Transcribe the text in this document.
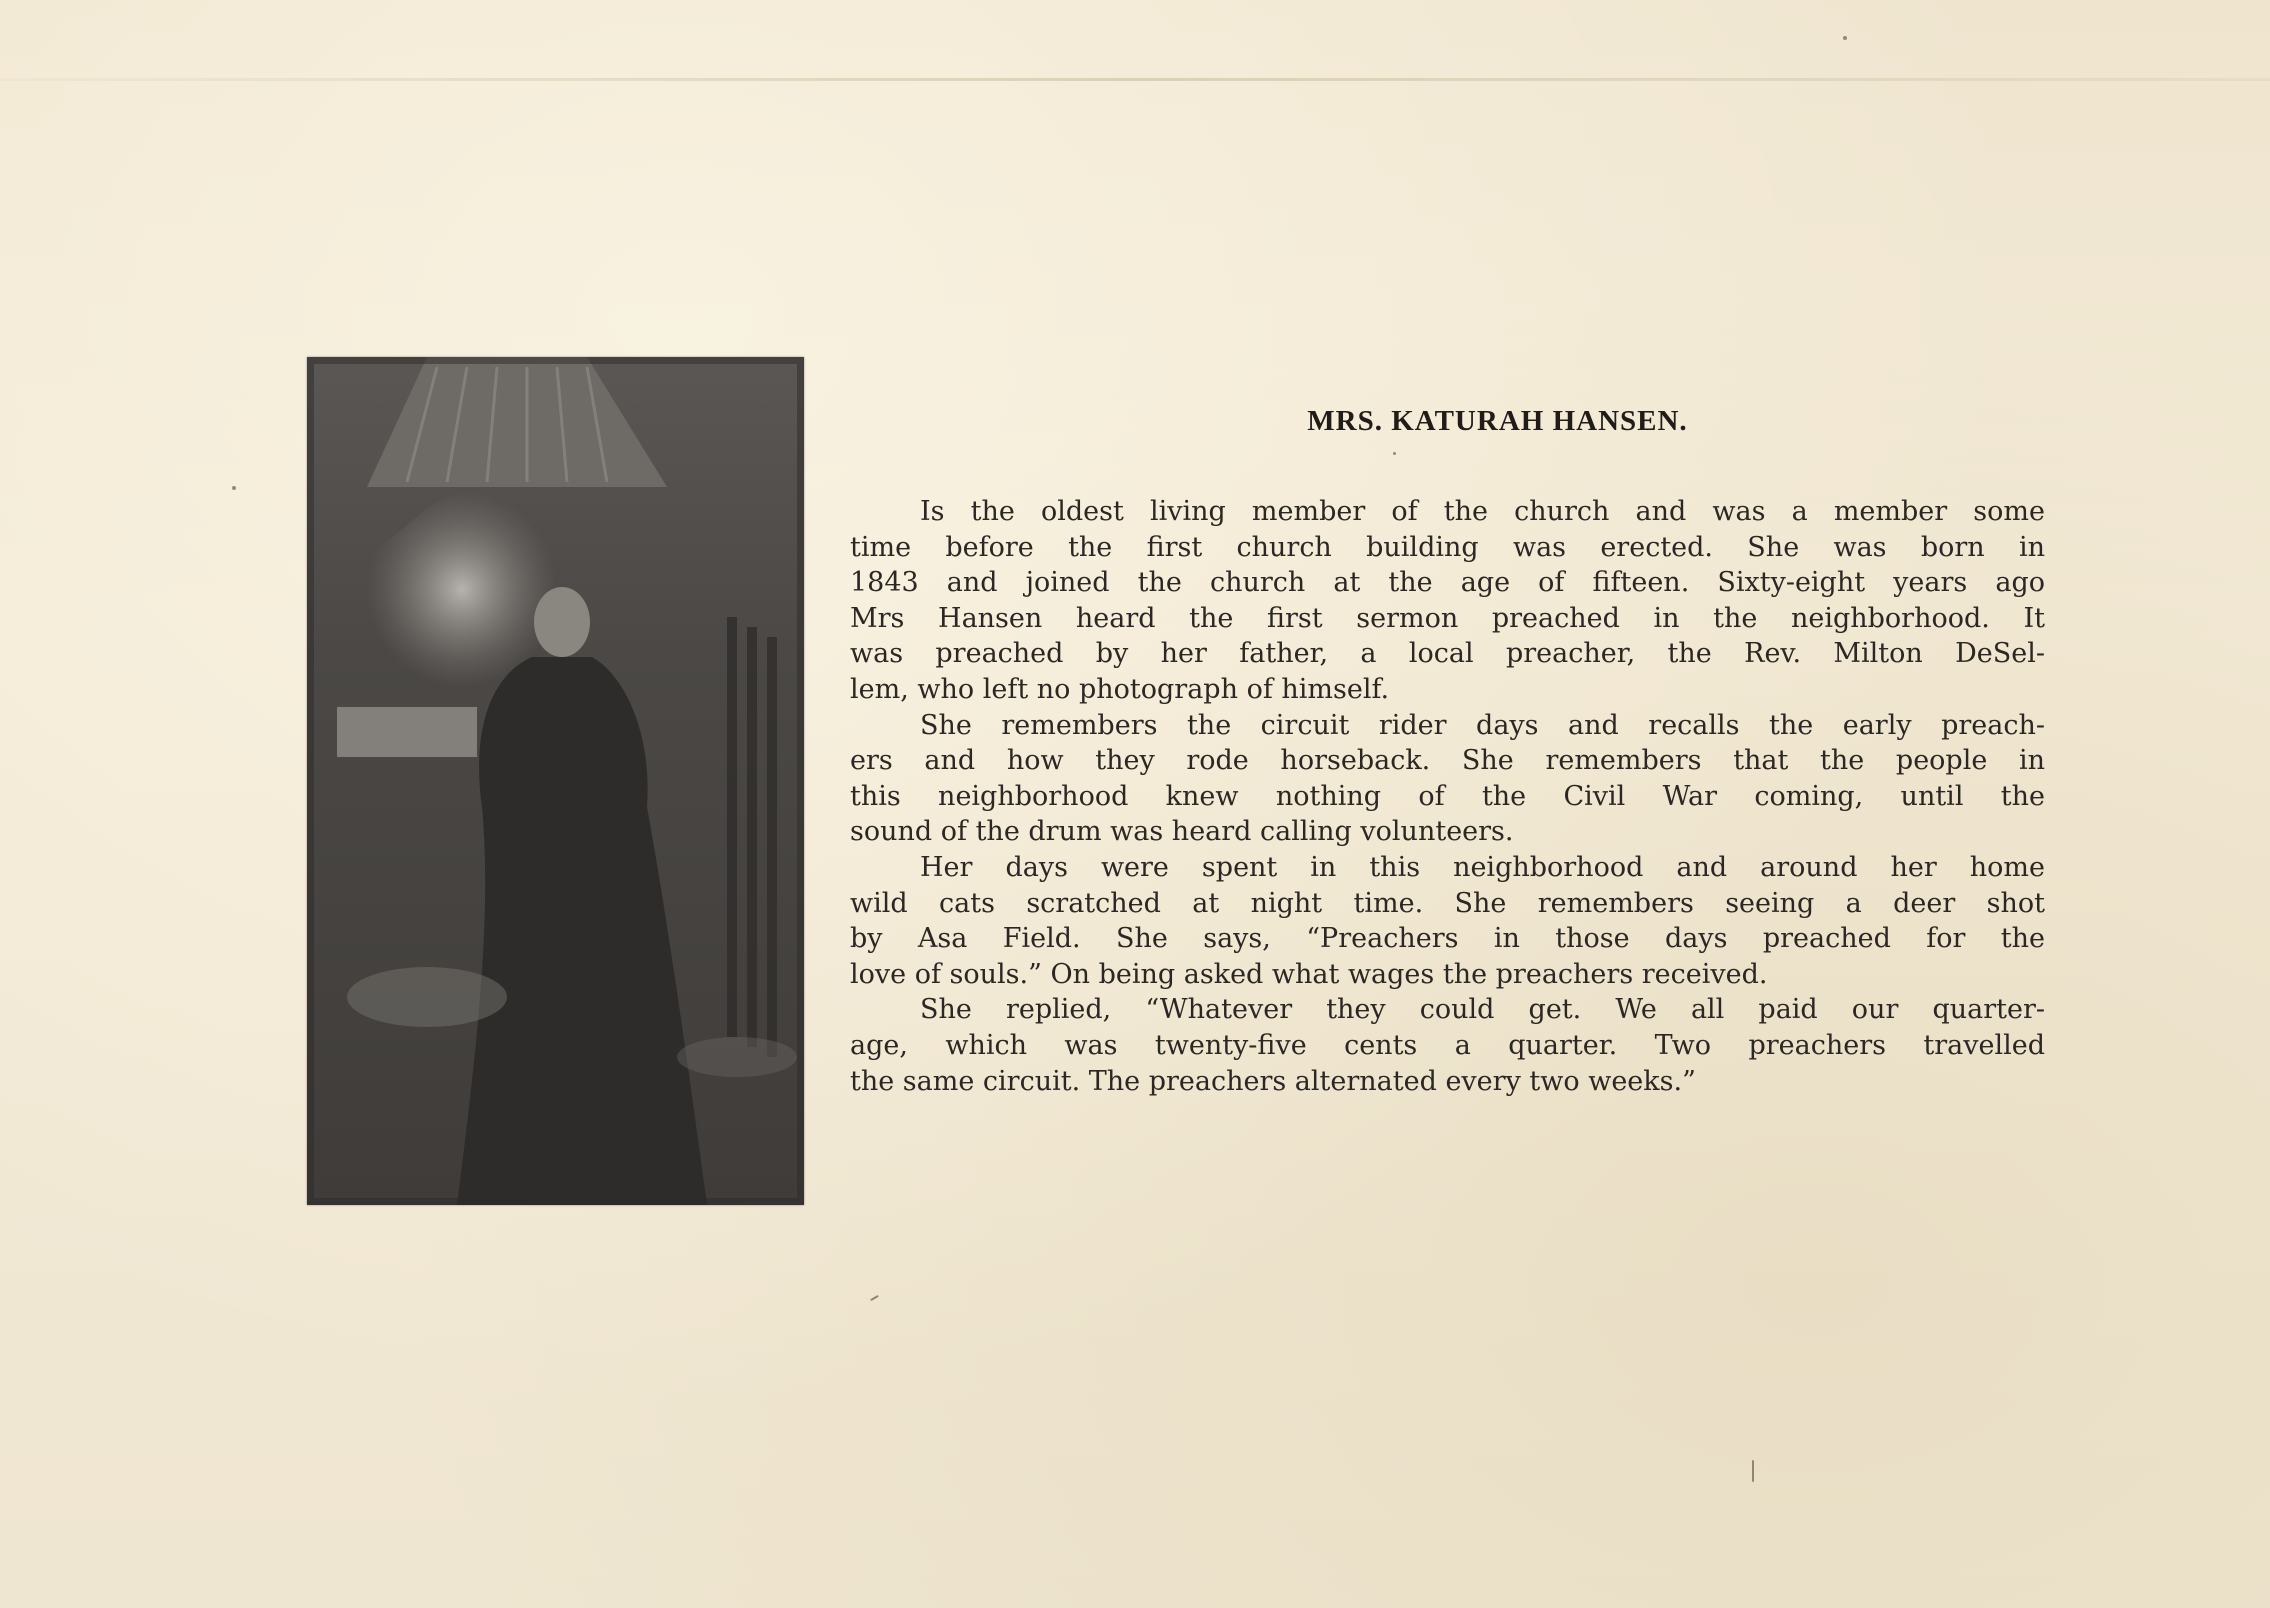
MRS. KATURAH HANSEN.
Is the oldest living member of the church and was a member some
time before the first church building was erected. She was born in
1843 and joined the church at the age of fifteen. Sixty-eight years ago
Mrs Hansen heard the first sermon preached in the neighborhood. It
was preached by her father, a local preacher, the Rev. Milton DeSel-
lem, who left no photograph of himself.
She remembers the circuit rider days and recalls the early preach-
ers and how they rode horseback. She remembers that the people in
this neighborhood knew nothing of the Civil War coming, until the
sound of the drum was heard calling volunteers.
Her days were spent in this neighborhood and around her home
wild cats scratched at night time. She remembers seeing a deer shot
by Asa Field. She says, “Preachers in those days preached for the
love of souls.” On being asked what wages the preachers received.
She replied, “Whatever they could get. We all paid our quarter-
age, which was twenty-five cents a quarter. Two preachers travelled
the same circuit. The preachers alternated every two weeks.”
